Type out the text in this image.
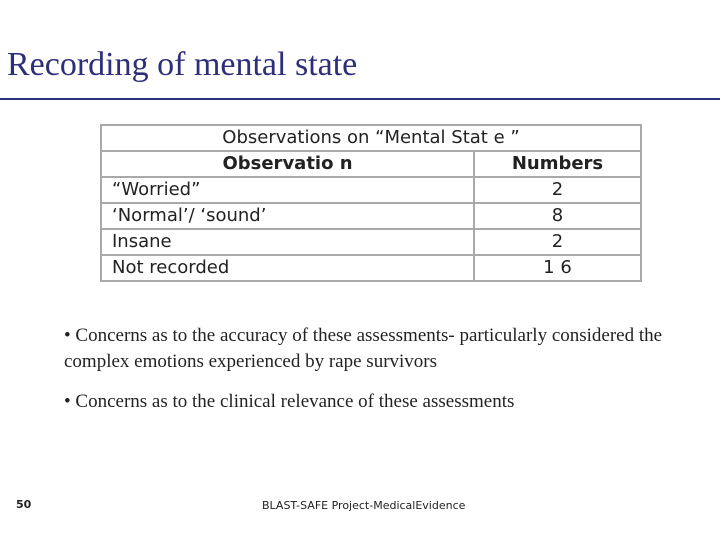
Recording of mental state
Observations on “Mental Stat e ”	
Observatio n	Numbers
“Worried”	2
‘Normal’/ ‘sound’	8
Insane	2
Not recorded	1 6
• Concerns as to the accuracy of these assessments- particularly considered the complex emotions experienced by rape survivors
• Concerns as to the clinical relevance of these assessments
50	BLAST-SAFE Project-MedicalEvidence
